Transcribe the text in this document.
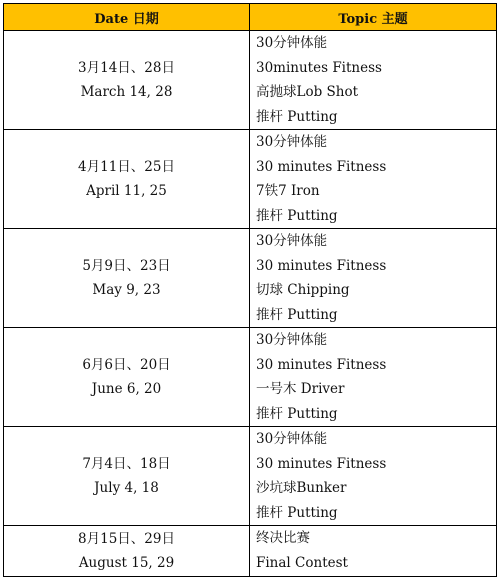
Date 日期	Topic 主题

3月14日、28日
March 14, 28	30分钟体能
30minutes Fitness
高抛球Lob Shot
推杆 Putting

4月11日、25日
April 11, 25	30分钟体能
30 minutes Fitness
7铁7 Iron
推杆 Putting

5月9日、23日
May 9, 23	30分钟体能
30 minutes Fitness
切球 Chipping
推杆 Putting

6月6日、20日
June 6, 20	30分钟体能
30 minutes Fitness
一号木 Driver
推杆 Putting

7月4日、18日
July 4, 18	30分钟体能
30 minutes Fitness
沙坑球Bunker
推杆 Putting

8月15日、29日
August 15, 29	终决比赛
Final Contest
